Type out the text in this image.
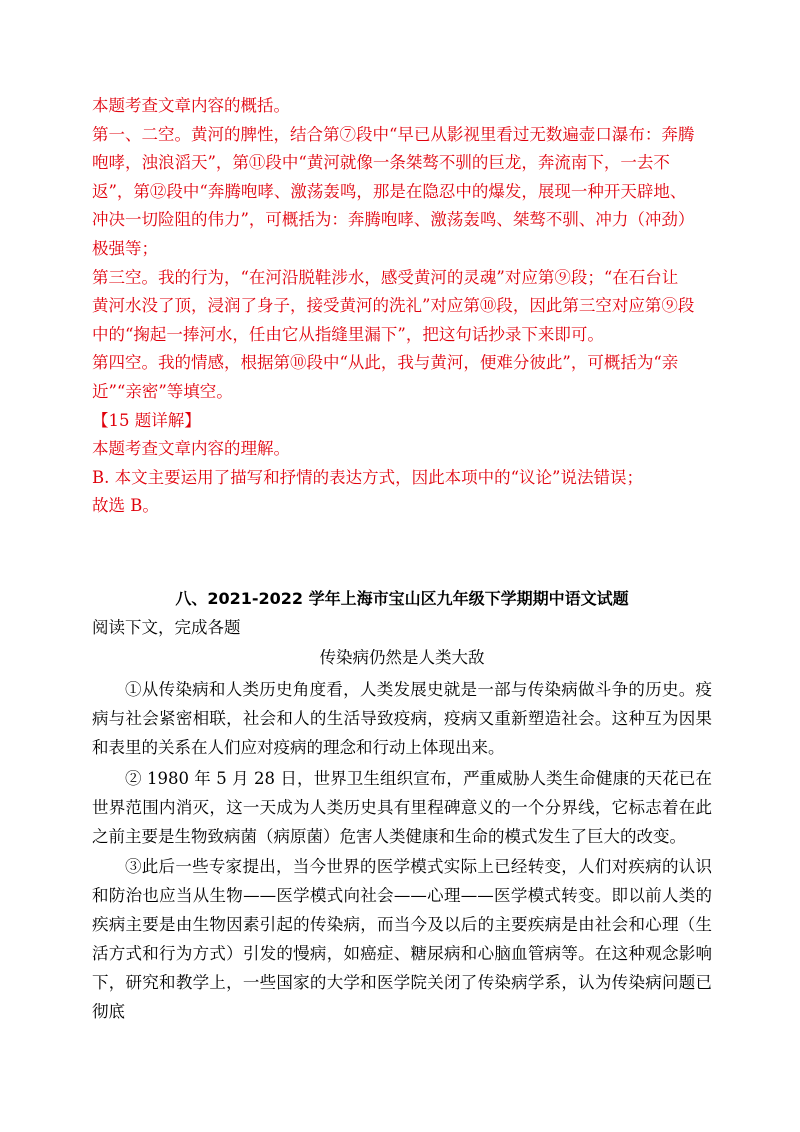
本题考查文章内容的概括。

第一、二空。黄河的脾性，结合第⑦段中“早已从影视里看过无数遍壶口瀑布：奔腾

咆哮，浊浪滔天”，第⑪段中“黄河就像一条桀骜不驯的巨龙，奔流南下，一去不

返”，第⑫段中“奔腾咆哮、激荡轰鸣，那是在隐忍中的爆发，展现一种开天辟地、

冲决一切险阻的伟力”，可概括为：奔腾咆哮、激荡轰鸣、桀骜不驯、冲力（冲劲）

极强等；

第三空。我的行为，“在河沿脱鞋涉水，感受黄河的灵魂”对应第⑨段；“在石台让

黄河水没了顶，浸润了身子，接受黄河的洗礼”对应第⑩段，因此第三空对应第⑨段

中的“掬起一捧河水，任由它从指缝里漏下”，把这句话抄录下来即可。

第四空。我的情感，根据第⑩段中“从此，我与黄河，便难分彼此”，可概括为“亲

近”“亲密”等填空。

【15 题详解】

本题考查文章内容的理解。

B. 本文主要运用了描写和抒情的表达方式，因此本项中的“议论”说法错误；

故选 B。

八、2021-2022 学年上海市宝山区九年级下学期期中语文试题
阅读下文，完成各题
传染病仍然是人类大敌

①从传染病和人类历史角度看，人类发展史就是一部与传染病做斗争的历史。疫病与社会紧密相联，社会和人的生活导致疫病，疫病又重新塑造社会。这种互为因果和表里的关系在人们应对疫病的理念和行动上体现出来。

② 1980 年 5 月 28 日，世界卫生组织宣布，严重威胁人类生命健康的天花已在世界范围内消灭，这一天成为人类历史具有里程碑意义的一个分界线，它标志着在此之前主要是生物致病菌（病原菌）危害人类健康和生命的模式发生了巨大的改变。

③此后一些专家提出，当今世界的医学模式实际上已经转变，人们对疾病的认识和防治也应当从生物——医学模式向社会——心理——医学模式转变。即以前人类的疾病主要是由生物因素引起的传染病，而当今及以后的主要疾病是由社会和心理（生活方式和行为方式）引发的慢病，如癌症、糖尿病和心脑血管病等。在这种观念影响下，研究和教学上，一些国家的大学和医学院关闭了传染病学系，认为传染病问题已彻底
